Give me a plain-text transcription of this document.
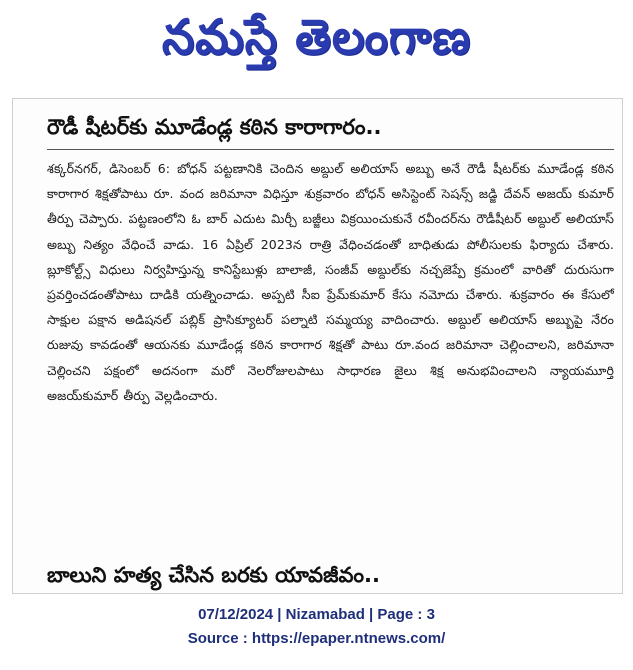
నమస్తే తెలంగాణ
రౌడీ షీటర్‌కు మూడేండ్ల కఠిన కారాగారం..

శక్కర్‌నగర్, డిసెంబర్ 6: బోధన్ పట్టణానికి చెందిన అబ్దుల్ అలియాస్ అబ్బు అనే రౌడీ షీటర్‌కు మూడేండ్ల కఠిన కారాగార శిక్షతోపాటు రూ. వంద జరిమానా విధిస్తూ శుక్రవారం బోధన్ అసిస్టెంట్ సెషన్స్ జడ్జి దేవన్ అజయ్ కుమార్ తీర్పు చెప్పారు. పట్టణంలోని ఓ బార్ ఎదుట మిర్చీ బజ్జీలు విక్రయించుకునే రవీందర్‌ను రౌడీషీటర్ అబ్దుల్ అలియాస్ అబ్బు నిత్యం వేధించే వాడు. 16 ఏప్రిల్ 2023న రాత్రి వేధించడంతో బాధితుడు పోలీసులకు ఫిర్యాదు చేశారు. బ్లూకోల్ట్స్ విధులు నిర్వహిస్తున్న కానిస్టేబుళ్లు బాలాజీ, సంజీవ్ అబ్దుల్‌కు నచ్చజెప్పే క్రమంలో వారితో దురుసుగా ప్రవర్తించడంతోపాటు దాడికి యత్నించాడు. అప్పటి సీఐ ప్రేమ్‌కుమార్ కేసు నమోదు చేశారు. శుక్రవారం ఈ కేసులో సాక్షుల పక్షాన అడిషనల్ పబ్లిక్ ప్రాసిక్యూటర్ పల్నాటి సమ్మయ్య వాదించారు. అబ్దుల్ అలియాస్ అబ్బుపై నేరం రుజువు కావడంతో ఆయనకు మూడేండ్ల కఠిన కారాగార శిక్షతో పాటు రూ.వంద జరిమానా చెల్లించాలని, జరిమానా చెల్లించని పక్షంలో అదనంగా మరో నెలరోజులపాటు సాధారణ జైలు శిక్ష అనుభవించాలని న్యాయమూర్తి అజయ్‌కుమార్ తీర్పు వెల్లడించారు.

బాలుని హత్య చేసిన బరకు యావజీవం..
07/12/2024 | Nizamabad | Page : 3
Source : https://epaper.ntnews.com/
